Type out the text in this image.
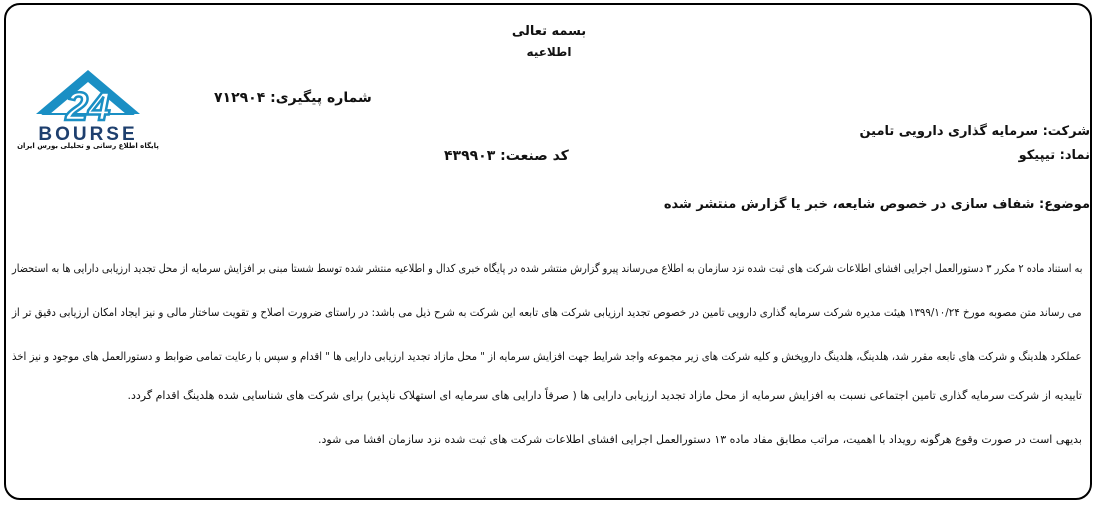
بسمه تعالی
اطلاعیه
24
BOURSE
پایگاه اطلاع رسانی و تحلیلی بورس ایران
شماره پیگیری: ۷۱۲۹۰۴
شرکت: سرمایه گذاری دارویی تامین
نماد: تیپیکو
کد صنعت: ۴۳۹۹۰۳
موضوع: شفاف سازی در خصوص شایعه، خبر یا گزارش منتشر شده
به استناد ماده ۲ مکرر ۳ دستورالعمل اجرایی افشای اطلاعات شرکت های ثبت شده نزد سازمان به اطلاع می‌رساند پیرو گزارش منتشر شده در پایگاه خبری کدال و اطلاعیه منتشر شده توسط شستا مبنی بر افزایش سرمایه از محل تجدید ارزیابی دارایی ها به استحضار
می رساند متن مصوبه مورخ ۱۳۹۹/۱۰/۲۴ هیئت مدیره شرکت سرمایه گذاری دارویی تامین در خصوص تجدید ارزیابی شرکت های تابعه این شرکت به شرح ذیل می باشد: در راستای ضرورت اصلاح و تقویت ساختار مالی و نیز ایجاد امکان ارزیابی دقیق تر از
عملکرد هلدینگ و شرکت های تابعه مقرر شد، هلدینگ، هلدینگ داروپخش و کلیه شرکت های زیر مجموعه واجد شرایط جهت افزایش سرمایه از " محل مازاد تجدید ارزیابی دارایی ها " اقدام و سپس با رعایت تمامی ضوابط و دستورالعمل های موجود و نیز اخذ
تاییدیه از شرکت سرمایه گذاری تامین اجتماعی نسبت به افزایش سرمایه از محل مازاد تجدید ارزیابی دارایی ها ( صرفاً دارایی های سرمایه ای استهلاک ناپذیر) برای شرکت های شناسایی شده هلدینگ اقدام گردد.
بدیهی است در صورت وقوع هرگونه رویداد با اهمیت، مراتب مطابق مفاد ماده ۱۳ دستورالعمل اجرایی افشای اطلاعات شرکت های ثبت شده نزد سازمان افشا می شود.
